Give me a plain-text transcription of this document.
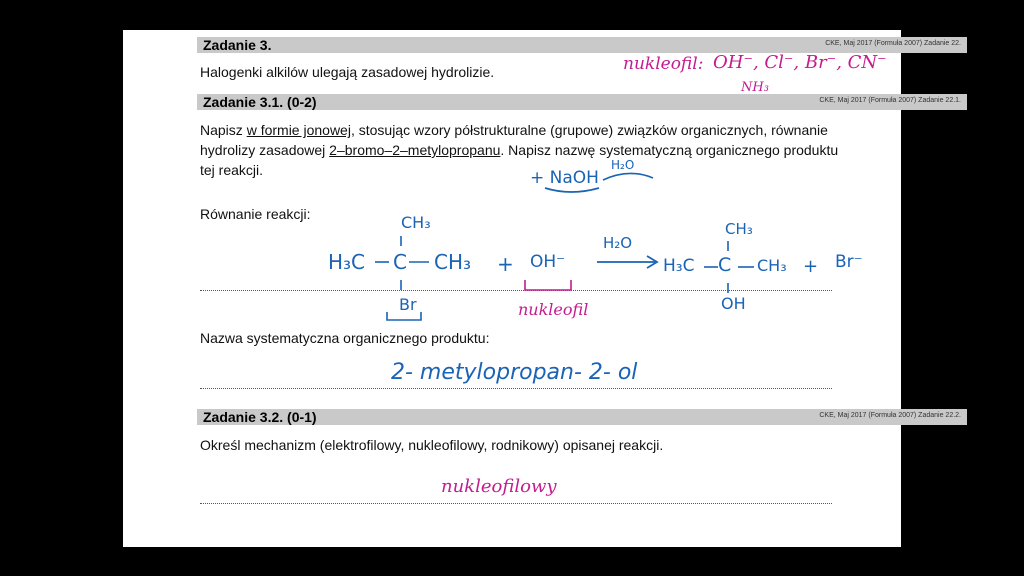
Zadanie 3.	CKE, Maj 2017 (Formuła 2007) Zadanie 22.
Halogenki alkilów ulegają zasadowej hydrolizie.
Zadanie 3.1. (0-2)	CKE, Maj 2017 (Formuła 2007) Zadanie 22.1.
Napisz w formie jonowej, stosując wzory półstrukturalne (grupowe) związków organicznych, równanie
hydrolizy zasadowej 2–bromo–2–metylopropanu. Napisz nazwę systematyczną organicznego produktu
tej reakcji.
Równanie reakcji:
Nazwa systematyczna organicznego produktu:
Zadanie 3.2. (0-1)	CKE, Maj 2017 (Formuła 2007) Zadanie 22.2.
Określ mechanizm (elektrofilowy, nukleofilowy, rodnikowy) opisanej reakcji.
nukleofil: OH⁻, Cl⁻, Br⁻, CN⁻
NH₃
+ NaOH
H₂O
CH₃
H₃C C CH₃
Br
+ OH⁻
nukleofil
H₂O
CH₃
H₃C C CH₃
OH
+ Br⁻
2- metylopropan- 2- ol
nukleofilowy
